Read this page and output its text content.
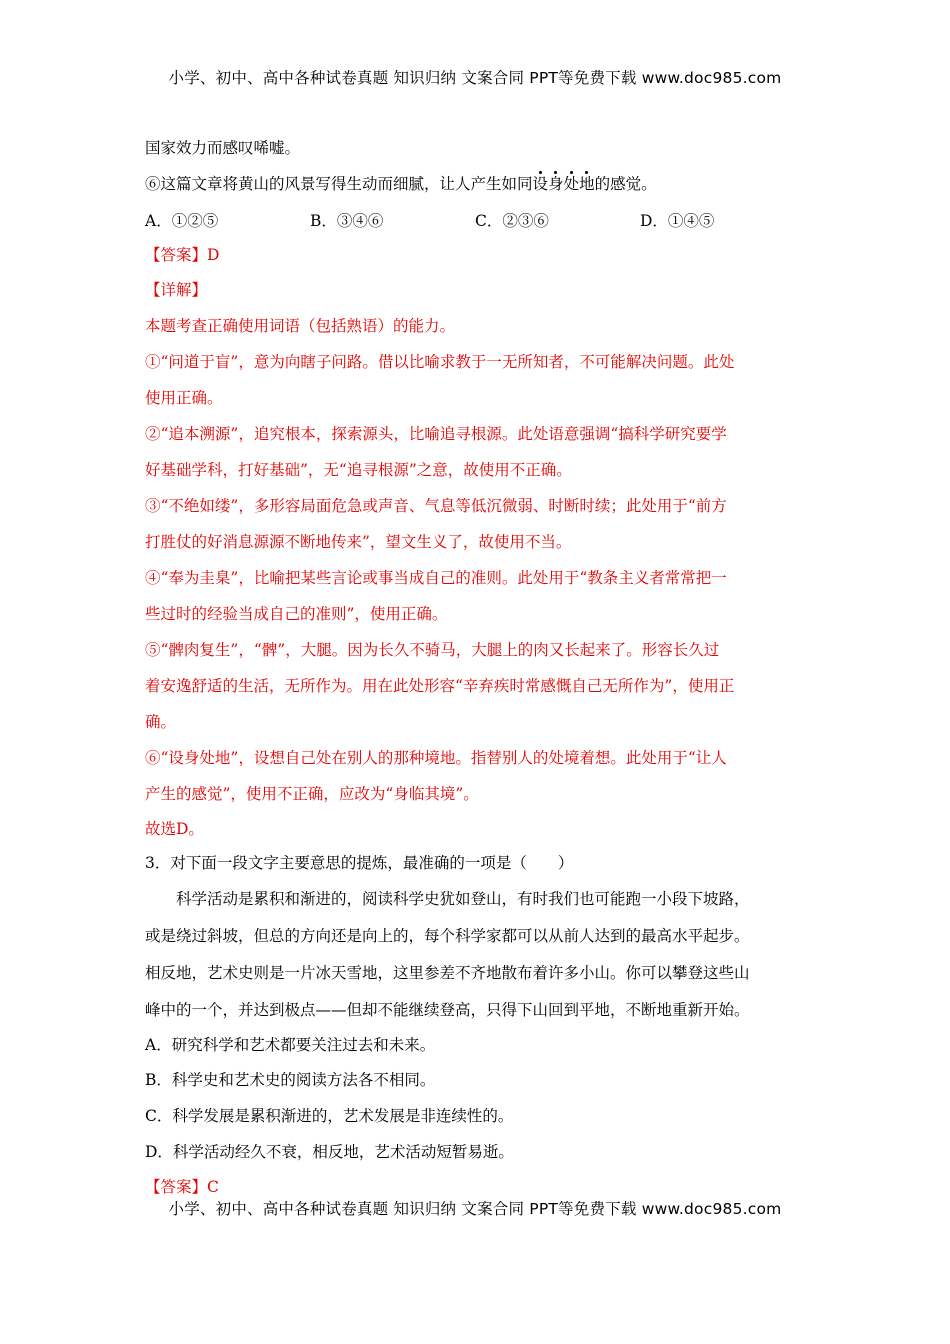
小学、初中、高中各种试卷真题 知识归纳 文案合同 PPT等免费下载 www.doc985.com
国家效力而感叹唏嘘。
⑥这篇文章将黄山的风景写得生动而细腻，让人产生如同设身处地的感觉。
A．①②⑤	B．③④⑥	C．②③⑥	D．①④⑤
【答案】D
【详解】
本题考查正确使用词语（包括熟语）的能力。
①“问道于盲”，意为向瞎子问路。借以比喻求教于一无所知者，不可能解决问题。此处
使用正确。
②“追本溯源”，追究根本，探索源头，比喻追寻根源。此处语意强调“搞科学研究要学
好基础学科，打好基础”，无“追寻根源”之意，故使用不正确。
③“不绝如缕”，多形容局面危急或声音、气息等低沉微弱、时断时续；此处用于“前方
打胜仗的好消息源源不断地传来”，望文生义了，故使用不当。
④“奉为圭臬”，比喻把某些言论或事当成自己的准则。此处用于“教条主义者常常把一
些过时的经验当成自己的准则”，使用正确。
⑤“髀肉复生”，“髀”，大腿。因为长久不骑马，大腿上的肉又长起来了。形容长久过
着安逸舒适的生活，无所作为。用在此处形容“辛弃疾时常感慨自己无所作为”，使用正
确。
⑥“设身处地”，设想自己处在别人的那种境地。指替别人的处境着想。此处用于“让人
产生的感觉”，使用不正确，应改为“身临其境”。
故选D。
3．对下面一段文字主要意思的提炼，最准确的一项是（　　）
科学活动是累积和渐进的，阅读科学史犹如登山，有时我们也可能跑一小段下坡路，
或是绕过斜坡，但总的方向还是向上的，每个科学家都可以从前人达到的最高水平起步。
相反地，艺术史则是一片冰天雪地，这里参差不齐地散布着许多小山。你可以攀登这些山
峰中的一个，并达到极点——但却不能继续登高，只得下山回到平地，不断地重新开始。
A．研究科学和艺术都要关注过去和未来。
B．科学史和艺术史的阅读方法各不相同。
C．科学发展是累积渐进的，艺术发展是非连续性的。
D．科学活动经久不衰，相反地，艺术活动短暂易逝。
【答案】C
小学、初中、高中各种试卷真题 知识归纳 文案合同 PPT等免费下载 www.doc985.com
